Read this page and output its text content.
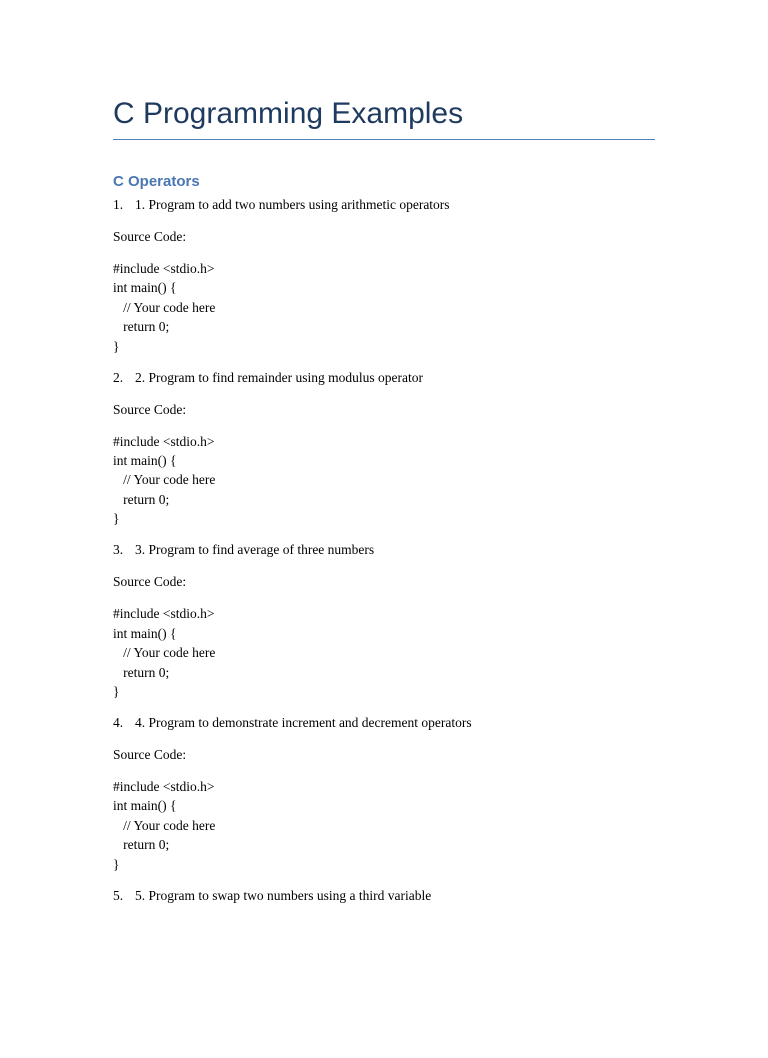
C Programming Examples
C Operators
1. 1. Program to add two numbers using arithmetic operators
Source Code:
#include <stdio.h>
int main() {
// Your code here
return 0;
}
2. 2. Program to find remainder using modulus operator
Source Code:
#include <stdio.h>
int main() {
// Your code here
return 0;
}
3. 3. Program to find average of three numbers
Source Code:
#include <stdio.h>
int main() {
// Your code here
return 0;
}
4. 4. Program to demonstrate increment and decrement operators
Source Code:
#include <stdio.h>
int main() {
// Your code here
return 0;
}
5. 5. Program to swap two numbers using a third variable
